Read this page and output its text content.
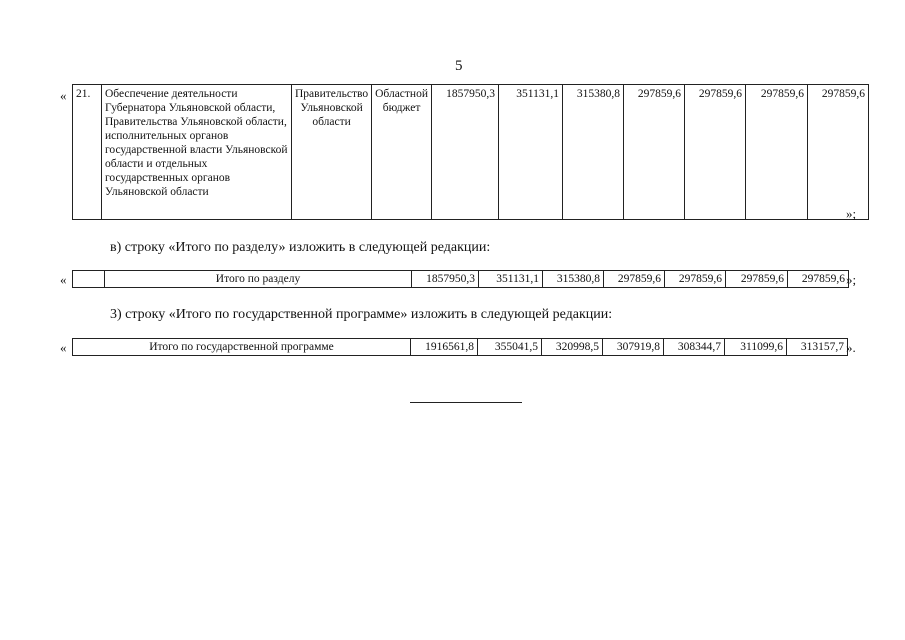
5
« 21.	Обеспечение деятельности Губернатора Ульяновской области, Правительства Ульяновской области, исполнительных органов государственной власти Ульяновской области и отдельных государственных органов Ульяновской области	Правительство Ульяновской области	Областной бюджет	1857950,3	351131,1	315380,8	297859,6	297859,6	297859,6	297859,6
»;
в) строку «Итого по разделу» изложить в следующей редакции:
«
		Итого по разделу	1857950,3	351131,1	315380,8	297859,6	297859,6	297859,6	297859,6 »;
3) строку «Итого по государственной программе» изложить в следующей редакции:
«	Итого по государственной программе	1916561,8	355041,5	320998,5	307919,8	308344,7	311099,6	313157,7 ».
